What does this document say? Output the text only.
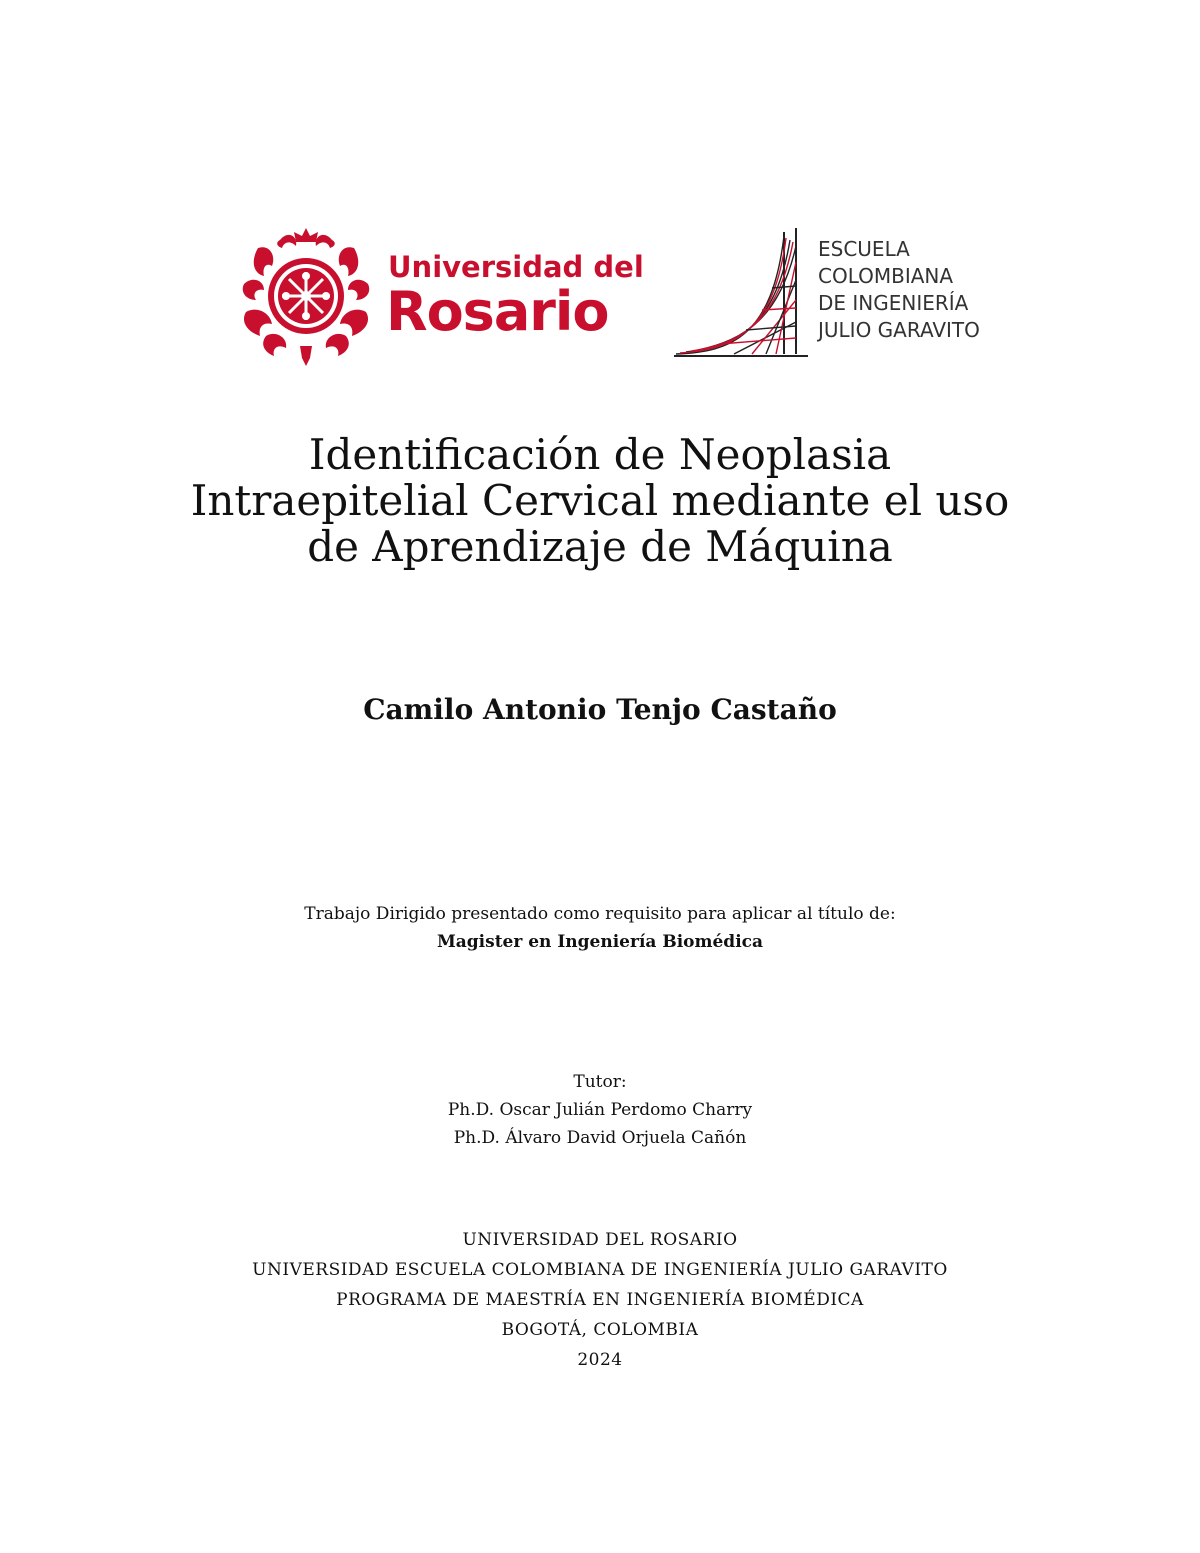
Universidad del
Rosario
ESCUELA
COLOMBIANA
DE INGENIERÍA
JULIO GARAVITO
Identificación de Neoplasia
Intraepitelial Cervical mediante el uso
de Aprendizaje de Máquina
Camilo Antonio Tenjo Castaño
Trabajo Dirigido presentado como requisito para aplicar al título de:
Magister en Ingeniería Biomédica
Tutor:
Ph.D. Oscar Julián Perdomo Charry
Ph.D. Álvaro David Orjuela Cañón
UNIVERSIDAD DEL ROSARIO
UNIVERSIDAD ESCUELA COLOMBIANA DE INGENIERÍA JULIO GARAVITO
PROGRAMA DE MAESTRÍA EN INGENIERÍA BIOMÉDICA
BOGOTÁ, COLOMBIA
2024
